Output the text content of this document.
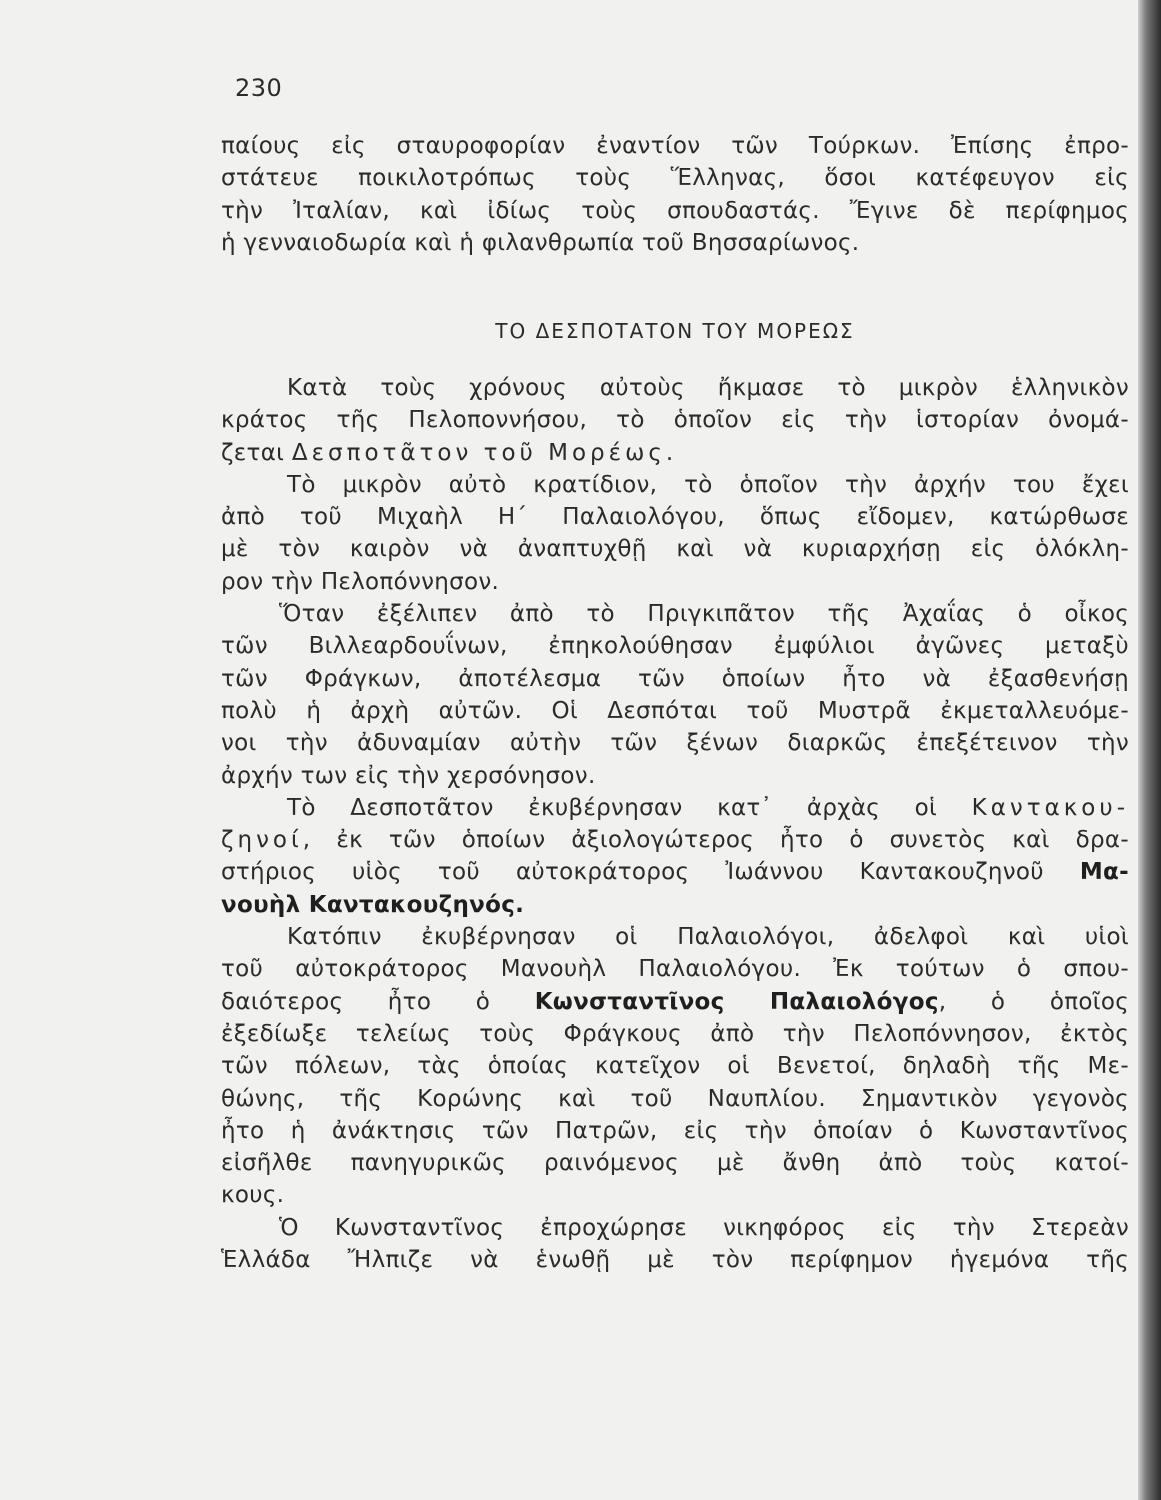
230
παίους εἰς σταυροφορίαν ἐναντίον τῶν Τούρκων. Ἐπίσης ἐπρο-
στάτευε ποικιλοτρόπως τοὺς Ἕλληνας, ὅσοι κατέφευγον εἰς
τὴν Ἰταλίαν, καὶ ἰδίως τοὺς σπουδαστάς. Ἔγινε δὲ περίφημος
ἡ γενναιοδωρία καὶ ἡ φιλανθρωπία τοῦ Βησσαρίωνος.
ΤΟ ΔΕΣΠΟΤΑΤΟΝ ΤΟΥ ΜΟΡΕΩΣ
Κατὰ τοὺς χρόνους αὐτοὺς ἤκμασε τὸ μικρὸν ἑλληνικὸν
κράτος τῆς Πελοποννήσου, τὸ ὁποῖον εἰς τὴν ἱστορίαν ὀνομά-
ζεται Δεσποτᾶτον τοῦ Μορέως.
Τὸ μικρὸν αὐτὸ κρατίδιον, τὸ ὁποῖον τὴν ἀρχήν του ἔχει
ἀπὸ τοῦ Μιχαὴλ Η΄ Παλαιολόγου, ὅπως εἴδομεν, κατώρθωσε
μὲ τὸν καιρὸν νὰ ἀναπτυχθῇ καὶ νὰ κυριαρχήσῃ εἰς ὁλόκλη-
ρον τὴν Πελοπόννησον.
Ὅταν ἐξέλιπεν ἀπὸ τὸ Πριγκιπᾶτον τῆς Ἀχαΐας ὁ οἶκος
τῶν Βιλλεαρδουΐνων, ἐπηκολούθησαν ἐμφύλιοι ἀγῶνες μεταξὺ
τῶν Φράγκων, ἀποτέλεσμα τῶν ὁποίων ἦτο νὰ ἐξασθενήσῃ
πολὺ ἡ ἀρχὴ αὐτῶν. Οἱ Δεσπόται τοῦ Μυστρᾶ ἐκμεταλλευόμε-
νοι τὴν ἀδυναμίαν αὐτὴν τῶν ξένων διαρκῶς ἐπεξέτεινον τὴν
ἀρχήν των εἰς τὴν χερσόνησον.
Τὸ Δεσποτᾶτον ἐκυβέρνησαν κατ᾿ ἀρχὰς οἱ Καντακου-
ζηνοί, ἐκ τῶν ὁποίων ἀξιολογώτερος ἦτο ὁ συνετὸς καὶ δρα-
στήριος υἱὸς τοῦ αὐτοκράτορος Ἰωάννου Καντακουζηνοῦ Μα-
νουὴλ Καντακουζηνός.
Κατόπιν ἐκυβέρνησαν οἱ Παλαιολόγοι, ἀδελφοὶ καὶ υἱοὶ
τοῦ αὐτοκράτορος Μανουὴλ Παλαιολόγου. Ἐκ τούτων ὁ σπου-
δαιότερος ἦτο ὁ Κωνσταντῖνος Παλαιολόγος, ὁ ὁποῖος
ἐξεδίωξε τελείως τοὺς Φράγκους ἀπὸ τὴν Πελοπόννησον, ἐκτὸς
τῶν πόλεων, τὰς ὁποίας κατεῖχον οἱ Βενετοί, δηλαδὴ τῆς Με-
θώνης, τῆς Κορώνης καὶ τοῦ Ναυπλίου. Σημαντικὸν γεγονὸς
ἦτο ἡ ἀνάκτησις τῶν Πατρῶν, εἰς τὴν ὁποίαν ὁ Κωνσταντῖνος
εἰσῆλθε πανηγυρικῶς ραινόμενος μὲ ἄνθη ἀπὸ τοὺς κατοί-
κους.
Ὁ Κωνσταντῖνος ἐπροχώρησε νικηφόρος εἰς τὴν Στερεὰν
Ἑλλάδα Ἤλπιζε νὰ ἑνωθῇ μὲ τὸν περίφημον ἡγεμόνα τῆς
